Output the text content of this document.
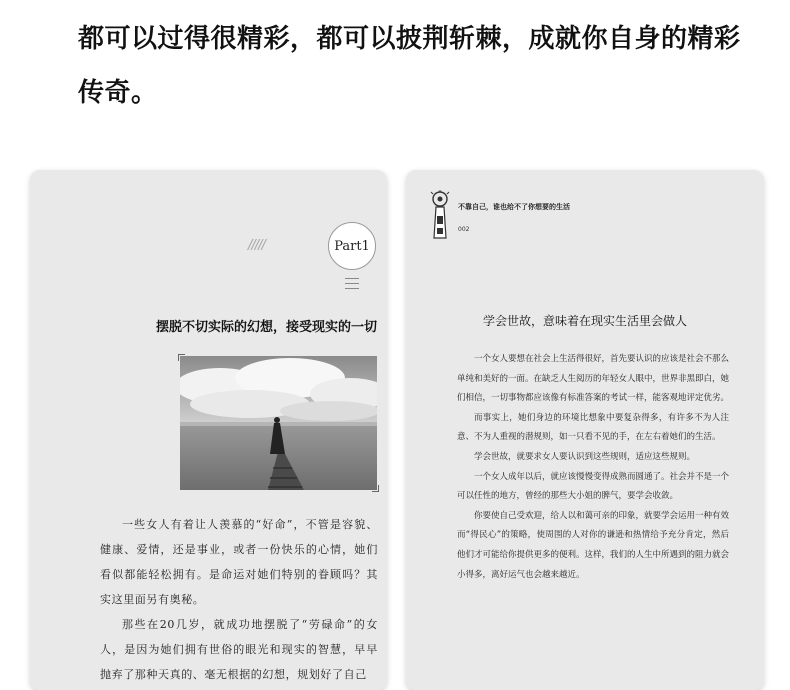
都可以过得很精彩，都可以披荆斩棘，成就你自身的精彩
传奇。
/////	Part1
摆脱不切实际的幻想，接受现实的一切

一些女人有着让人羡慕的“好命”，不管是容貌、健康、爱情，还是事业，或者一份快乐的心情，她们看似都能轻松拥有。是命运对她们特别的眷顾吗？其实这里面另有奥秘。

那些在20几岁，就成功地摆脱了“劳碌命”的女人，是因为她们拥有世俗的眼光和现实的智慧，早早抛弃了那种天真的、毫无根据的幻想，规划好了自己

不靠自己，谁也给不了你想要的生活
002
学会世故，意味着在现实生活里会做人

一个女人要想在社会上生活得很好，首先要认识的应该是社会不那么单纯和美好的一面。在缺乏人生阅历的年轻女人眼中，世界非黑即白，她们相信，一切事物都应该像有标准答案的考试一样，能客观地评定优劣。

而事实上，她们身边的环境比想象中要复杂得多，有许多不为人注意、不为人重视的潜规则，如一只看不见的手，在左右着她们的生活。

学会世故，就要求女人要认识到这些规则，适应这些规则。

一个女人成年以后，就应该慢慢变得成熟而圆通了。社会并不是一个可以任性的地方，曾经的那些大小姐的脾气，要学会收敛。

你要使自己受欢迎，给人以和蔼可亲的印象，就要学会运用一种有效而“得民心”的策略，使周围的人对你的谦逊和热情给予充分肯定，然后他们才可能给你提供更多的便利。这样，我们的人生中所遇到的阻力就会小得多，离好运气也会越来越近。
